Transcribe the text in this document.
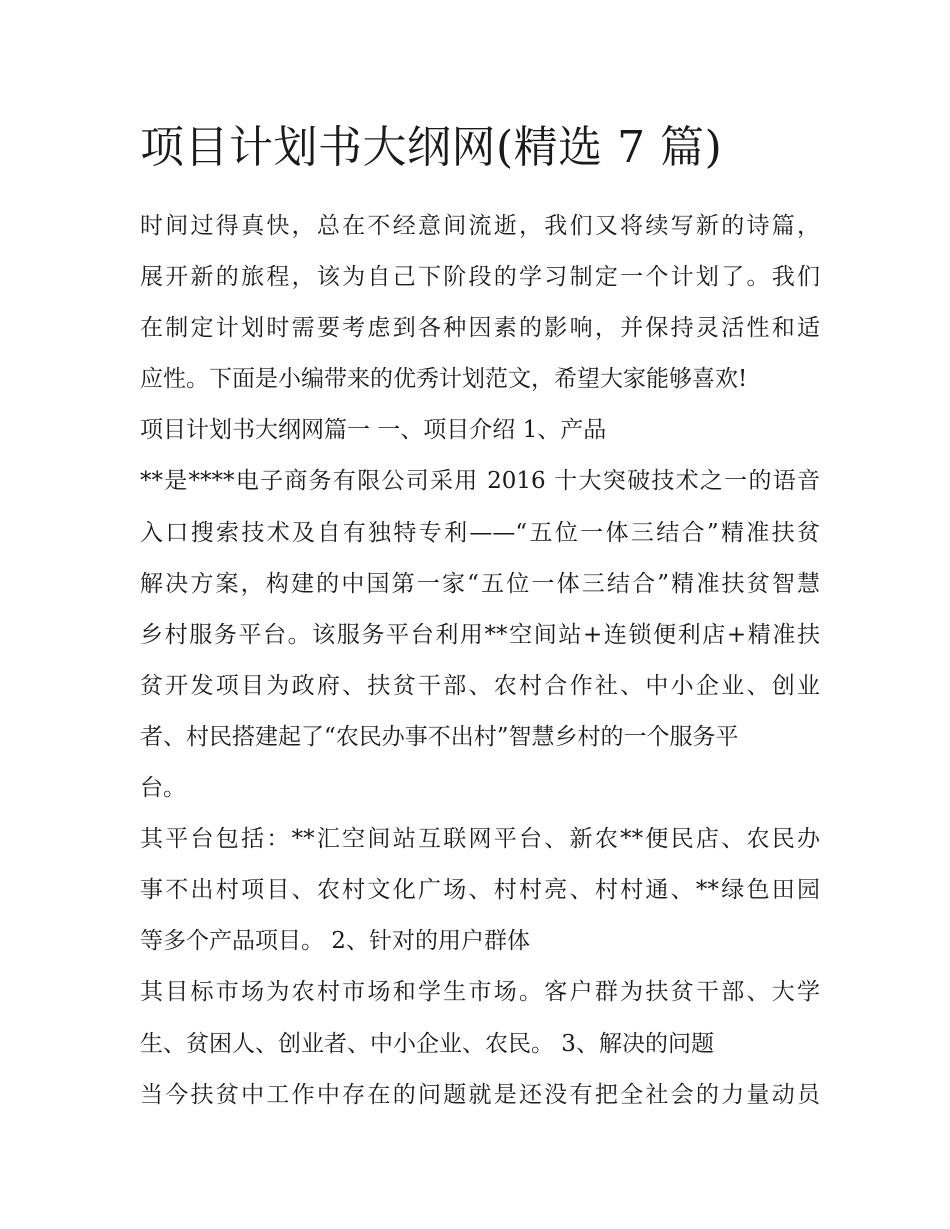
项目计划书大纲网(精选 7 篇)
时间过得真快，总在不经意间流逝，我们又将续写新的诗篇，
展开新的旅程，该为自己下阶段的学习制定一个计划了。我们
在制定计划时需要考虑到各种因素的影响，并保持灵活性和适
应性。下面是小编带来的优秀计划范文，希望大家能够喜欢!
项目计划书大纲网篇一 一、项目介绍 1、产品
**是****电子商务有限公司采用 2016 十大突破技术之一的语音
入口搜索技术及自有独特专利——“五位一体三结合”精准扶贫
解决方案，构建的中国第一家“五位一体三结合”精准扶贫智慧
乡村服务平台。该服务平台利用**空间站+连锁便利店+精准扶
贫开发项目为政府、扶贫干部、农村合作社、中小企业、创业
者、村民搭建起了“农民办事不出村”智慧乡村的一个服务平
台。
其平台包括：**汇空间站互联网平台、新农**便民店、农民办
事不出村项目、农村文化广场、村村亮、村村通、**绿色田园
等多个产品项目。 2、针对的用户群体
其目标市场为农村市场和学生市场。客户群为扶贫干部、大学
生、贫困人、创业者、中小企业、农民。 3、解决的问题
当今扶贫中工作中存在的问题就是还没有把全社会的力量动员
